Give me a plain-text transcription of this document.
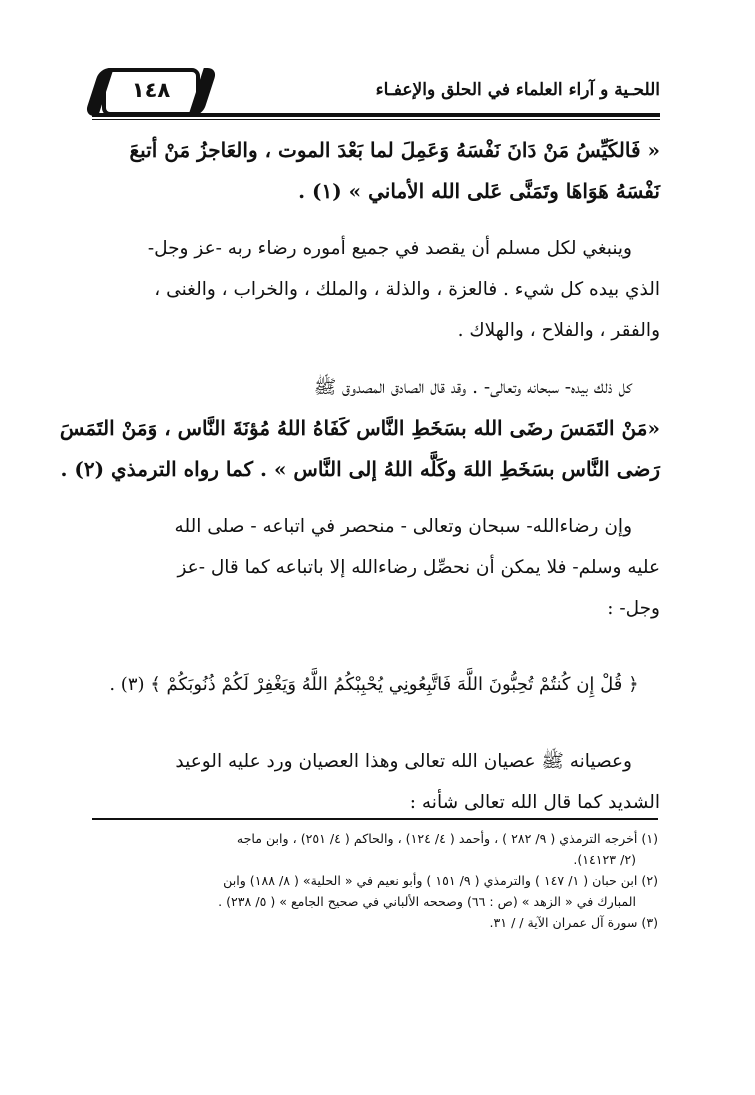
اللحـية و آراء العلماء في الحلق والإعفـاء
١٤٨

« فَالكَيِّسُ مَنْ دَانَ نَفْسَهُ وَعَمِلَ لما بَعْدَ الموت ، والعَاجزُ مَنْ أتبعَ

نَفْسَهُ هَوَاهَا وتَمَنَّى عَلى الله الأماني » (١) .

وينبغي لكل مسلم أن يقصد في جميع أموره رضاء ربه -عز وجل-

الذي بيده كل شيء . فالعزة ، والذلة ، والملك ، والخراب ، والغنى ،

والفقر ، والفلاح ، والهلاك .

كل ذلك بيده- سبحانه وتعالى- . وقد قال الصادق المصدوق ﷺ

«مَنْ التَمَسَ رضَى الله بسَخَطِ النَّاس كَفَاهُ اللهُ مُؤنَةَ النَّاس ، وَمَنْ التَمَسَ

رَضى النَّاس بسَخَطِ اللهَ وكَلَّه اللهُ إلى النَّاس » . كما رواه الترمذي (٢) .

وإن رضاءالله- سبحان وتعالى - منحصر في اتباعه - صلى الله

عليه وسلم- فلا يمكن أن نحصِّل رضاءالله إلا باتباعه كما قال -عز

وجل- :

﴿ قُلْ إِن كُنتُمْ تُحِبُّونَ اللَّهَ فَاتَّبِعُونِي يُحْبِبْكُمُ اللَّهُ وَيَغْفِرْ لَكُمْ ذُنُوبَكُمْ ﴾ (٣) .

وعصيانه ﷺ عصيان الله تعالى وهذا العصيان ورد عليه الوعيد

الشديد كما قال الله تعالى شأنه :

(١) أخرجه الترمذي ( ٩/ ٢٨٢ ) ، وأحمد ( ٤/ ١٢٤) ، والحاكم ( ٤/ ٢٥١) ، وابن ماجه

(٢/ ١٤١٢٣).

(٢) ابن حبان ( ١/ ١٤٧ ) والترمذي ( ٩/ ١٥١ ) وأبو نعيم في « الحلية» ( ٨/ ١٨٨) وابن

المبارك في « الزهد » (ص : ٦٦) وصححه الألباني في صحيح الجامع » ( ٥/ ٢٣٨) .

(٣) سورة آل عمران الآية / / ٣١.
